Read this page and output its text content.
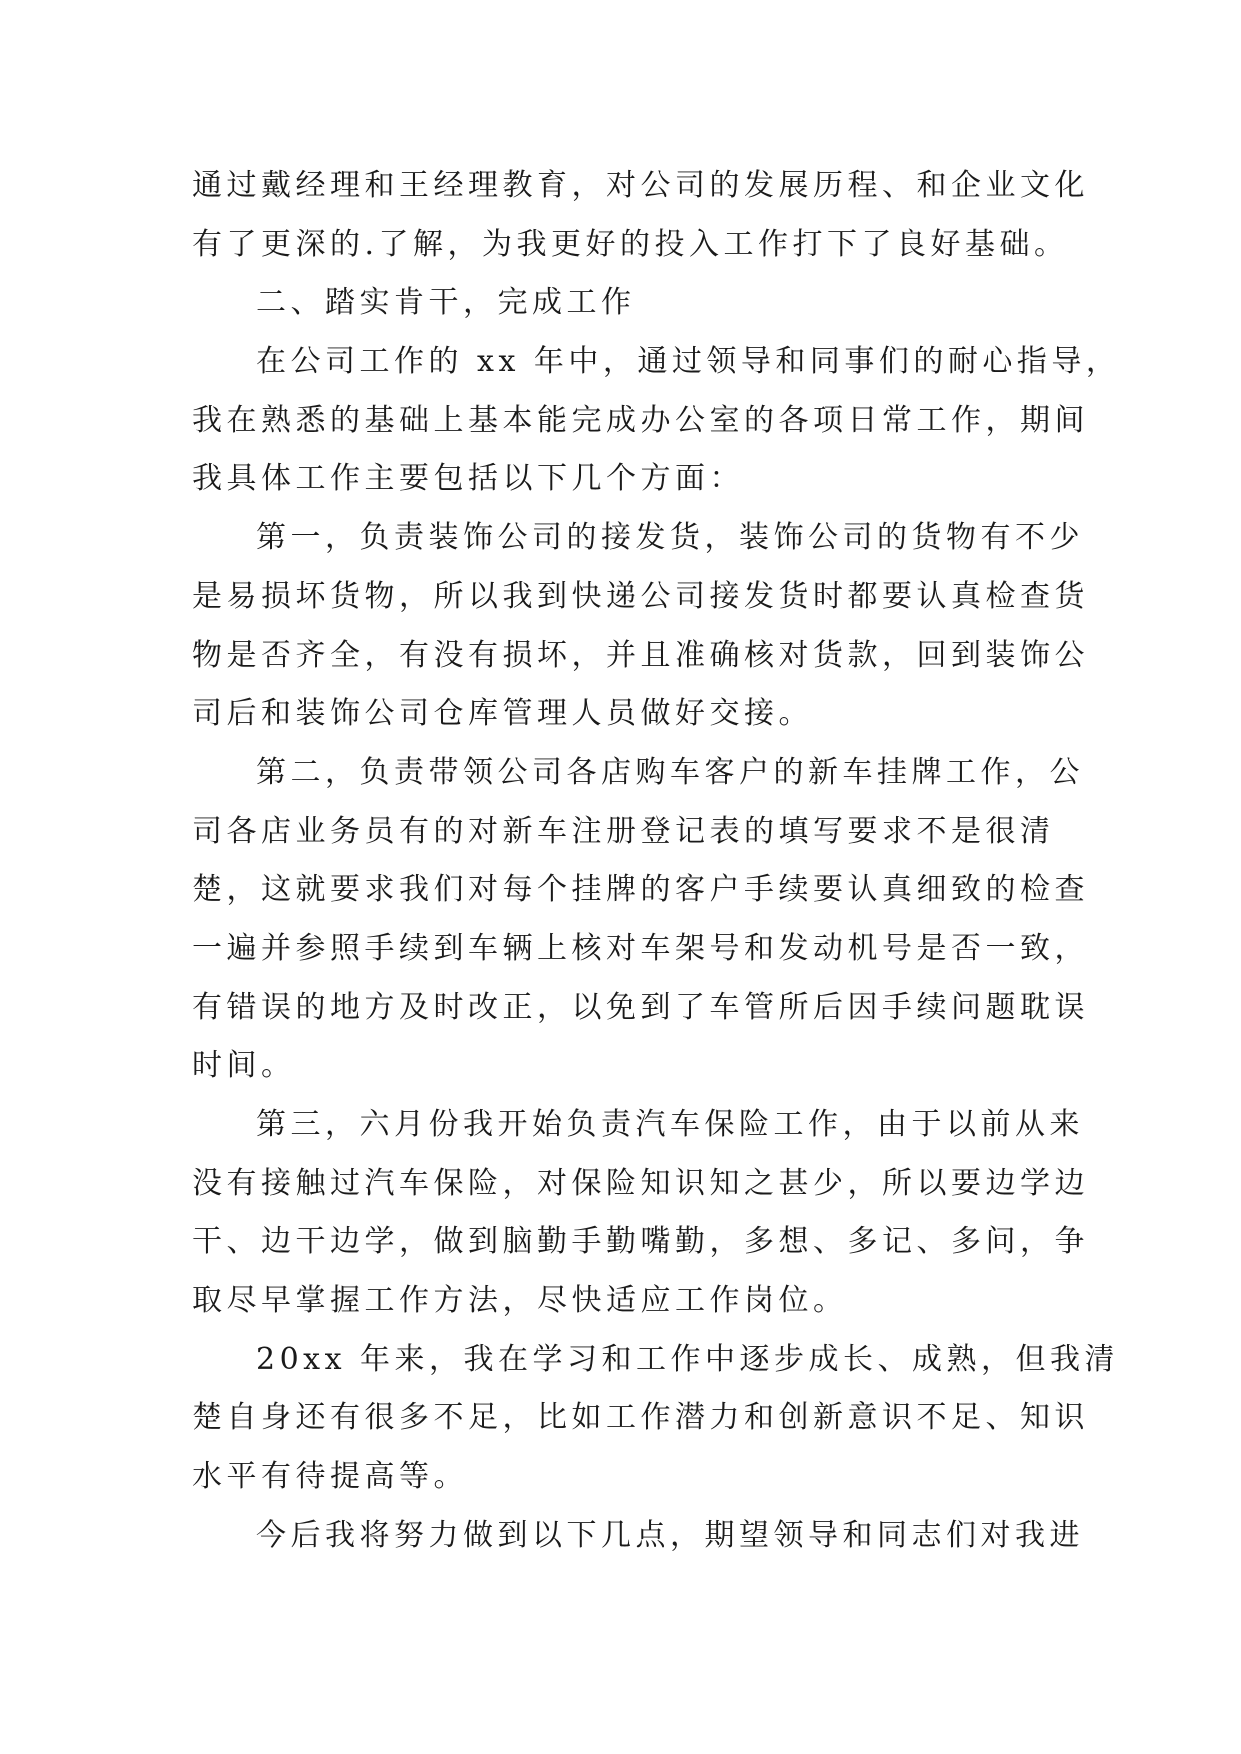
通过戴经理和王经理教育，对公司的发展历程、和企业文化
有了更深的.了解，为我更好的投入工作打下了良好基础。
二、踏实肯干，完成工作
在公司工作的 xx 年中，通过领导和同事们的耐心指导，
我在熟悉的基础上基本能完成办公室的各项日常工作，期间
我具体工作主要包括以下几个方面：
第一，负责装饰公司的接发货，装饰公司的货物有不少
是易损坏货物，所以我到快递公司接发货时都要认真检查货
物是否齐全，有没有损坏，并且准确核对货款，回到装饰公
司后和装饰公司仓库管理人员做好交接。
第二，负责带领公司各店购车客户的新车挂牌工作，公
司各店业务员有的对新车注册登记表的填写要求不是很清
楚，这就要求我们对每个挂牌的客户手续要认真细致的检查
一遍并参照手续到车辆上核对车架号和发动机号是否一致，
有错误的地方及时改正，以免到了车管所后因手续问题耽误
时间。
第三，六月份我开始负责汽车保险工作，由于以前从来
没有接触过汽车保险，对保险知识知之甚少，所以要边学边
干、边干边学，做到脑勤手勤嘴勤，多想、多记、多问，争
取尽早掌握工作方法，尽快适应工作岗位。
20xx 年来，我在学习和工作中逐步成长、成熟，但我清
楚自身还有很多不足，比如工作潜力和创新意识不足、知识
水平有待提高等。
今后我将努力做到以下几点，期望领导和同志们对我进
